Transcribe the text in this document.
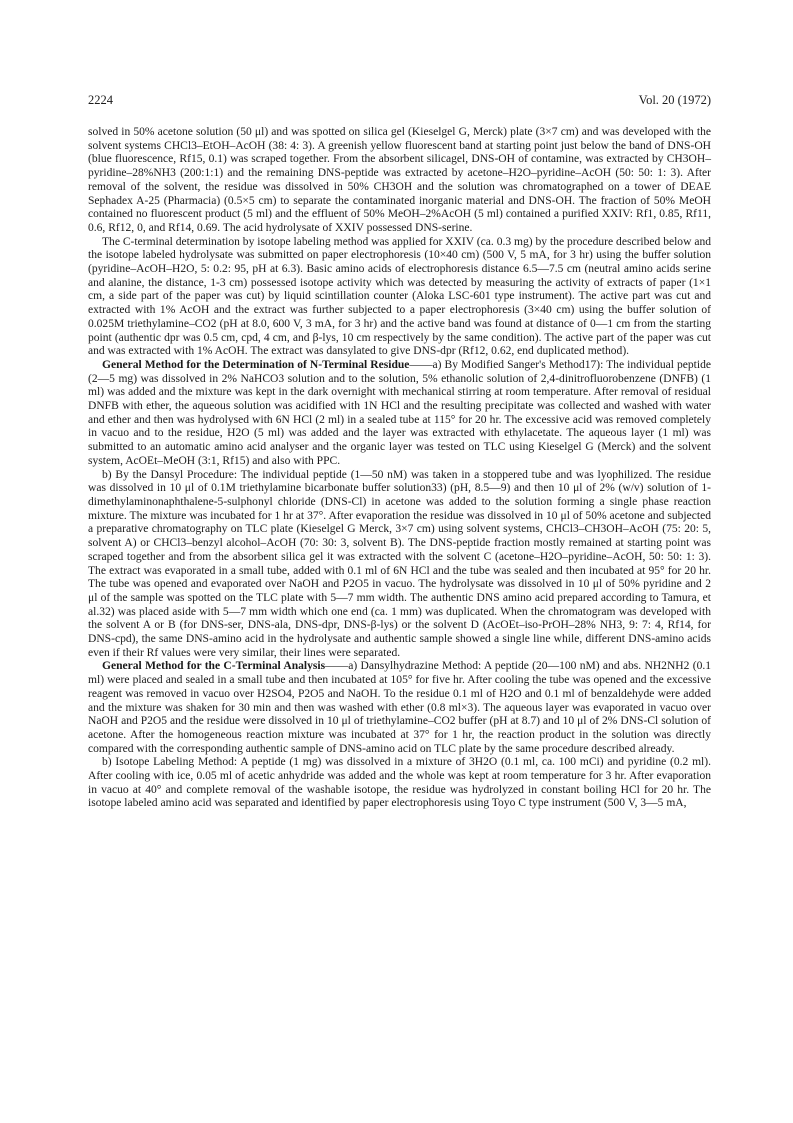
2224	Vol. 20 (1972)

solved in 50% acetone solution (50 μl) and was spotted on silica gel (Kieselgel G, Merck) plate (3×7 cm) and was developed with the solvent systems CHCl3–EtOH–AcOH (38: 4: 3). A greenish yellow fluorescent band at starting point just below the band of DNS-OH (blue fluorescence, Rf15, 0.1) was scraped together. From the absorbent silicagel, DNS-OH of contamine, was extracted by CH3OH–pyridine–28%NH3 (200:1:1) and the remaining DNS-peptide was extracted by acetone–H2O–pyridine–AcOH (50: 50: 1: 3). After removal of the solvent, the residue was dissolved in 50% CH3OH and the solution was chromatographed on a tower of DEAE Sephadex A-25 (Pharmacia) (0.5×5 cm) to separate the contaminated inorganic material and DNS-OH. The fraction of 50% MeOH contained no fluorescent product (5 ml) and the effluent of 50% MeOH–2%AcOH (5 ml) contained a purified XXIV: Rf1, 0.85, Rf11, 0.6, Rf12, 0, and Rf14, 0.69. The acid hydrolysate of XXIV possessed DNS-serine.

The C-terminal determination by isotope labeling method was applied for XXIV (ca. 0.3 mg) by the procedure described below and the isotope labeled hydrolysate was submitted on paper electrophoresis (10×40 cm) (500 V, 5 mA, for 3 hr) using the buffer solution (pyridine–AcOH–H2O, 5: 0.2: 95, pH at 6.3). Basic amino acids of electrophoresis distance 6.5—7.5 cm (neutral amino acids serine and alanine, the distance, 1-3 cm) possessed isotope activity which was detected by measuring the activity of extracts of paper (1×1 cm, a side part of the paper was cut) by liquid scintillation counter (Aloka LSC-601 type instrument). The active part was cut and extracted with 1% AcOH and the extract was further subjected to a paper electrophoresis (3×40 cm) using the buffer solution of 0.025M triethylamine–CO2 (pH at 8.0, 600 V, 3 mA, for 3 hr) and the active band was found at distance of 0—1 cm from the starting point (authentic dpr was 0.5 cm, cpd, 4 cm, and β-lys, 10 cm respectively by the same condition). The active part of the paper was cut and was extracted with 1% AcOH. The extract was dansylated to give DNS-dpr (Rf12, 0.62, end duplicated method).

General Method for the Determination of N-Terminal Residue——a) By Modified Sanger's Method17): The individual peptide (2—5 mg) was dissolved in 2% NaHCO3 solution and to the solution, 5% ethanolic solution of 2,4-dinitrofluorobenzene (DNFB) (1 ml) was added and the mixture was kept in the dark overnight with mechanical stirring at room temperature. After removal of residual DNFB with ether, the aqueous solution was acidified with 1N HCl and the resulting precipitate was collected and washed with water and ether and then was hydrolysed with 6N HCl (2 ml) in a sealed tube at 115° for 20 hr. The excessive acid was removed completely in vacuo and to the residue, H2O (5 ml) was added and the layer was extracted with ethylacetate. The aqueous layer (1 ml) was submitted to an automatic amino acid analyser and the organic layer was tested on TLC using Kieselgel G (Merck) and the solvent system, AcOEt–MeOH (3:1, Rf15) and also with PPC.

b) By the Dansyl Procedure: The individual peptide (1—50 nM) was taken in a stoppered tube and was lyophilized. The residue was dissolved in 10 μl of 0.1M triethylamine bicarbonate buffer solution33) (pH, 8.5—9) and then 10 μl of 2% (w/v) solution of 1-dimethylaminonaphthalene-5-sulphonyl chloride (DNS-Cl) in acetone was added to the solution forming a single phase reaction mixture. The mixture was incubated for 1 hr at 37°. After evaporation the residue was dissolved in 10 μl of 50% acetone and subjected a preparative chromatography on TLC plate (Kieselgel G Merck, 3×7 cm) using solvent systems, CHCl3–CH3OH–AcOH (75: 20: 5, solvent A) or CHCl3–benzyl alcohol–AcOH (70: 30: 3, solvent B). The DNS-peptide fraction mostly remained at starting point was scraped together and from the absorbent silica gel it was extracted with the solvent C (acetone–H2O–pyridine–AcOH, 50: 50: 1: 3). The extract was evaporated in a small tube, added with 0.1 ml of 6N HCl and the tube was sealed and then incubated at 95° for 20 hr. The tube was opened and evaporated over NaOH and P2O5 in vacuo. The hydrolysate was dissolved in 10 μl of 50% pyridine and 2 μl of the sample was spotted on the TLC plate with 5—7 mm width. The authentic DNS amino acid prepared according to Tamura, et al.32) was placed aside with 5—7 mm width which one end (ca. 1 mm) was duplicated. When the chromatogram was developed with the solvent A or B (for DNS-ser, DNS-ala, DNS-dpr, DNS-β-lys) or the solvent D (AcOEt–iso-PrOH–28% NH3, 9: 7: 4, Rf14, for DNS-cpd), the same DNS-amino acid in the hydrolysate and authentic sample showed a single line while, different DNS-amino acids even if their Rf values were very similar, their lines were separated.

General Method for the C-Terminal Analysis——a) Dansylhydrazine Method: A peptide (20—100 nM) and abs. NH2NH2 (0.1 ml) were placed and sealed in a small tube and then incubated at 105° for five hr. After cooling the tube was opened and the excessive reagent was removed in vacuo over H2SO4, P2O5 and NaOH. To the residue 0.1 ml of H2O and 0.1 ml of benzaldehyde were added and the mixture was shaken for 30 min and then was washed with ether (0.8 ml×3). The aqueous layer was evaporated in vacuo over NaOH and P2O5 and the residue were dissolved in 10 μl of triethylamine–CO2 buffer (pH at 8.7) and 10 μl of 2% DNS-Cl solution of acetone. After the homogeneous reaction mixture was incubated at 37° for 1 hr, the reaction product in the solution was directly compared with the corresponding authentic sample of DNS-amino acid on TLC plate by the same procedure described already.

b) Isotope Labeling Method: A peptide (1 mg) was dissolved in a mixture of 3H2O (0.1 ml, ca. 100 mCi) and pyridine (0.2 ml). After cooling with ice, 0.05 ml of acetic anhydride was added and the whole was kept at room temperature for 3 hr. After evaporation in vacuo at 40° and complete removal of the washable isotope, the residue was hydrolyzed in constant boiling HCl for 20 hr. The isotope labeled amino acid was separated and identified by paper electrophoresis using Toyo C type instrument (500 V, 3—5 mA,
